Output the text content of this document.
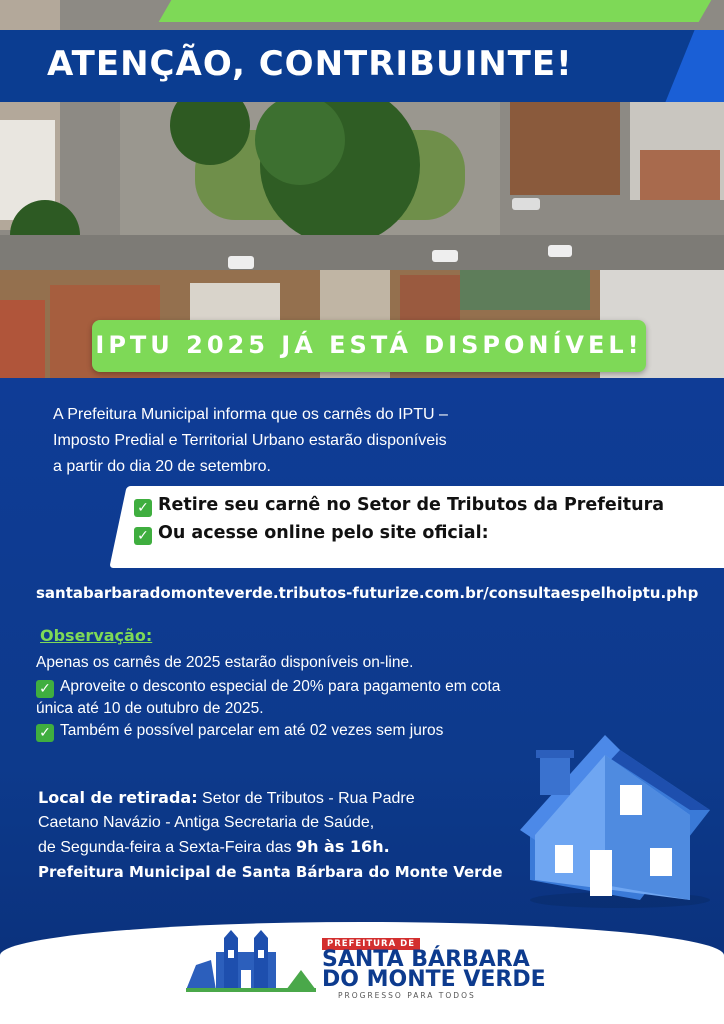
ATENÇÃO, CONTRIBUINTE!
IPTU 2025 JÁ ESTÁ DISPONÍVEL!
A Prefeitura Municipal informa que os carnês do IPTU –
Imposto Predial e Territorial Urbano estarão disponíveis
a partir do dia 20 de setembro.
✓ Retire seu carnê no Setor de Tributos da Prefeitura
✓ Ou acesse online pelo site oficial:
santabarbaradomonteverde.tributos-futurize.com.br/consultaespelhoiptu.php
Observação:
Apenas os carnês de 2025 estarão disponíveis on-line.
✓ Aproveite o desconto especial de 20% para pagamento em cota
única até 10 de outubro de 2025.
✓ Também é possível parcelar em até 02 vezes sem juros
Local de retirada: Setor de Tributos - Rua Padre
Caetano Navázio - Antiga Secretaria de Saúde,
de Segunda-feira a Sexta-Feira das 9h às 16h.
Prefeitura Municipal de Santa Bárbara do Monte Verde
PREFEITURA DE
SANTA BÁRBARA
DO MONTE VERDE
PROGRESSO PARA TODOS
